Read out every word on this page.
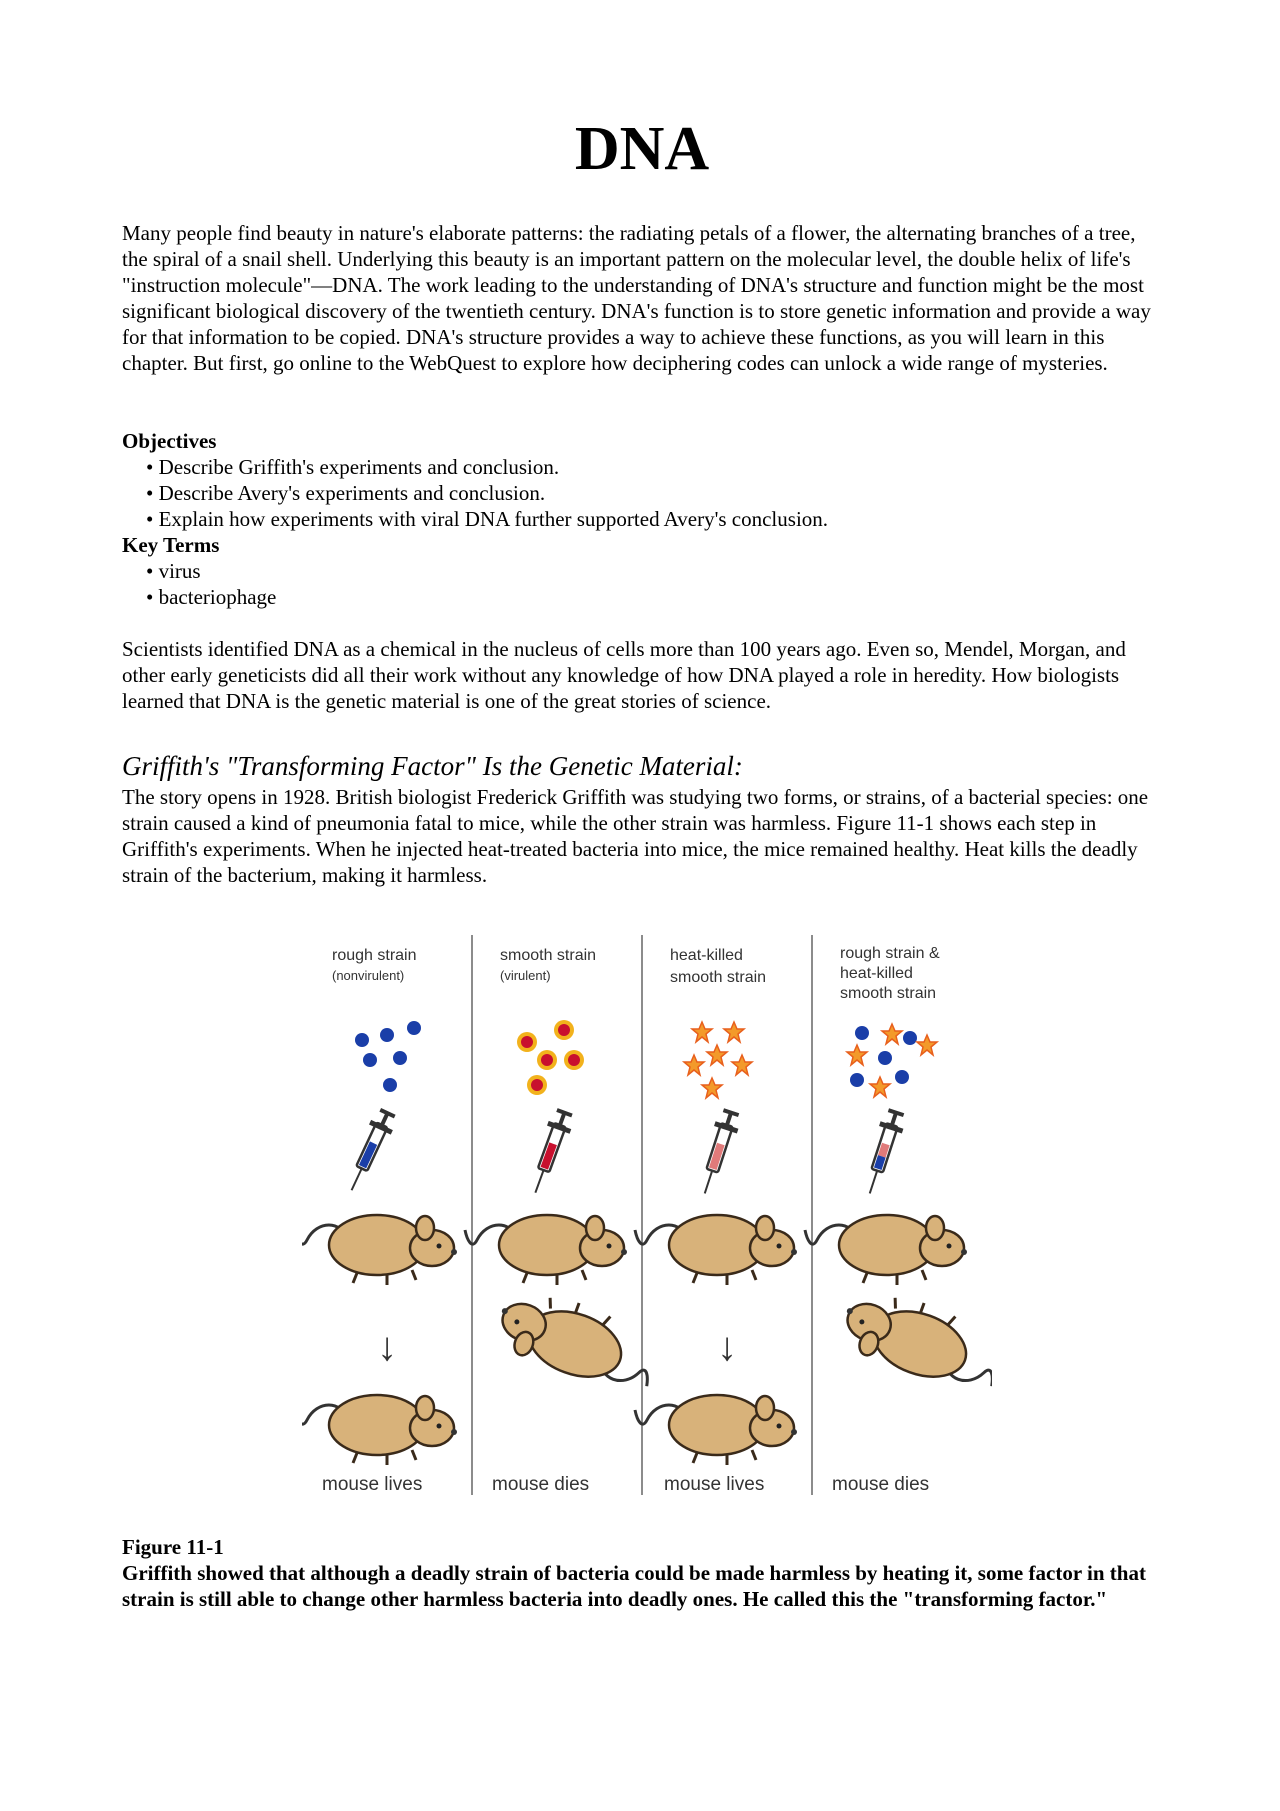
DNA
Many people find beauty in nature's elaborate patterns: the radiating petals of a flower, the alternating branches of a tree, the spiral of a snail shell. Underlying this beauty is an important pattern on the molecular level, the double helix of life's "instruction molecule"—DNA. The work leading to the understanding of DNA's structure and function might be the most significant biological discovery of the twentieth century. DNA's function is to store genetic information and provide a way for that information to be copied. DNA's structure provides a way to achieve these functions, as you will learn in this chapter. But first, go online to the WebQuest to explore how deciphering codes can unlock a wide range of mysteries.
Objectives
• Describe Griffith's experiments and conclusion.
• Describe Avery's experiments and conclusion.
• Explain how experiments with viral DNA further supported Avery's conclusion.
Key Terms
• virus
• bacteriophage
Scientists identified DNA as a chemical in the nucleus of cells more than 100 years ago. Even so, Mendel, Morgan, and other early geneticists did all their work without any knowledge of how DNA played a role in heredity. How biologists learned that DNA is the genetic material is one of the great stories of science.
Griffith's "Transforming Factor" Is the Genetic Material:
The story opens in 1928. British biologist Frederick Griffith was studying two forms, or strains, of a bacterial species: one strain caused a kind of pneumonia fatal to mice, while the other strain was harmless. Figure 11-1 shows each step in Griffith's experiments. When he injected heat-treated bacteria into mice, the mice remained healthy. Heat kills the deadly strain of the bacterium, making it harmless.
rough strain
(nonvirulent)
↓
mouse lives
smooth strain
(virulent)
mouse dies
heat-killed
smooth strain
↓
mouse lives
rough strain &
heat-killed
smooth strain
mouse dies
Figure 11-1
Griffith showed that although a deadly strain of bacteria could be made harmless by heating it, some factor in that strain is still able to change other harmless bacteria into deadly ones. He called this the "transforming factor."
